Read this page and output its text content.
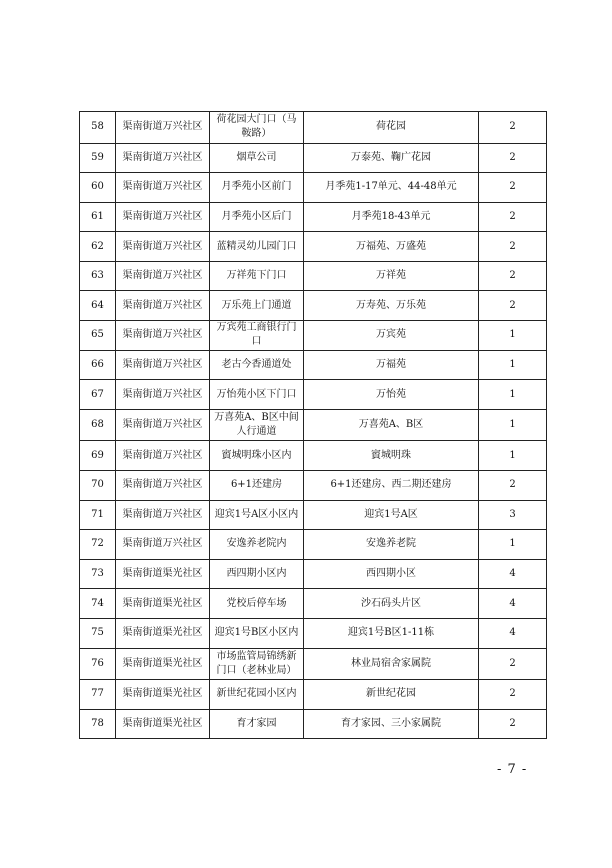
58	渠南街道万兴社区	荷花园大门口（马鞍路）	荷花园	2
59	渠南街道万兴社区	烟草公司	万泰苑、鞠广花园	2
60	渠南街道万兴社区	月季苑小区前门	月季苑1-17单元、44-48单元	2
61	渠南街道万兴社区	月季苑小区后门	月季苑18-43单元	2
62	渠南街道万兴社区	蓝精灵幼儿园门口	万福苑、万盛苑	2
63	渠南街道万兴社区	万祥苑下门口	万祥苑	2
64	渠南街道万兴社区	万乐苑上门通道	万寿苑、万乐苑	2
65	渠南街道万兴社区	万宾苑工商银行门口	万宾苑	1
66	渠南街道万兴社区	老古今香通道处	万福苑	1
67	渠南街道万兴社区	万怡苑小区下门口	万怡苑	1
68	渠南街道万兴社区	万喜苑A、B区中间人行通道	万喜苑A、B区	1
69	渠南街道万兴社区	賨城明珠小区内	賨城明珠	1
70	渠南街道万兴社区	6+1还建房	6+1还建房、西二期还建房	2
71	渠南街道万兴社区	迎宾1号A区小区内	迎宾1号A区	3
72	渠南街道万兴社区	安逸养老院内	安逸养老院	1
73	渠南街道渠光社区	西四期小区内	西四期小区	4
74	渠南街道渠光社区	党校后停车场	沙石码头片区	4
75	渠南街道渠光社区	迎宾1号B区小区内	迎宾1号B区1-11栋	4
76	渠南街道渠光社区	市场监管局锦绣新门口（老林业局）	林业局宿舍家属院	2
77	渠南街道渠光社区	新世纪花园小区内	新世纪花园	2
78	渠南街道渠光社区	育才家园	育才家园、三小家属院	2
- 7 -
